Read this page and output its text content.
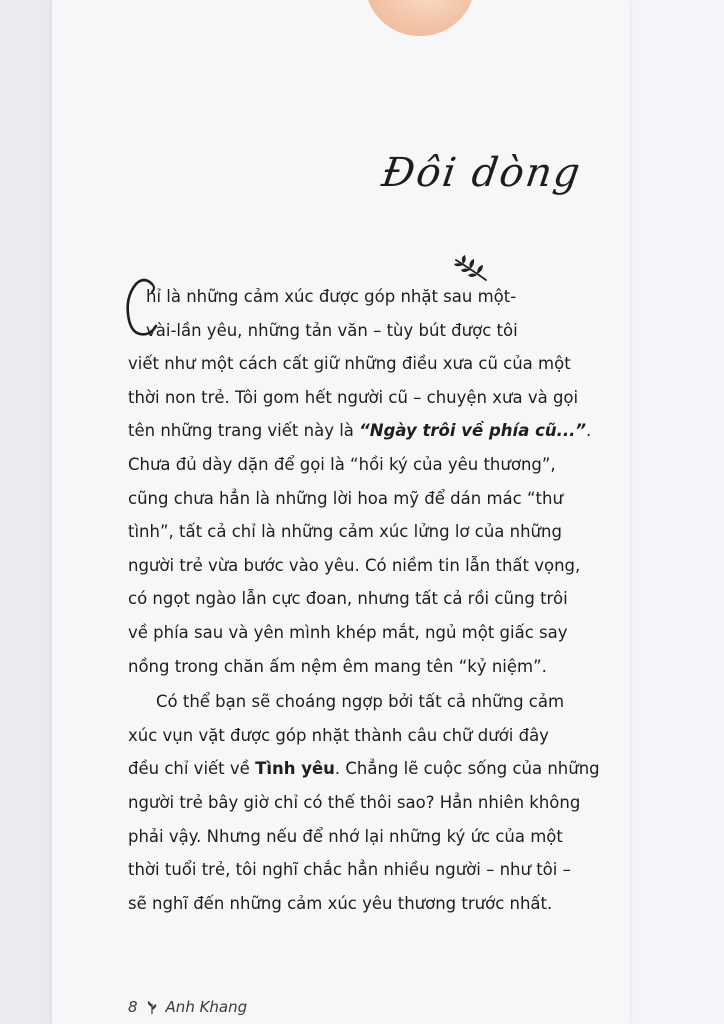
Đôi dòng
hỉ là những cảm xúc được góp nhặt sau một-
vài-lần yêu, những tản văn – tùy bút được tôi
viết như một cách cất giữ những điều xưa cũ của một
thời non trẻ. Tôi gom hết người cũ – chuyện xưa và gọi
tên những trang viết này là “Ngày trôi về phía cũ...”.
Chưa đủ dày dặn để gọi là “hồi ký của yêu thương”,
cũng chưa hẳn là những lời hoa mỹ để dán mác “thư
tình”, tất cả chỉ là những cảm xúc lửng lơ của những
người trẻ vừa bước vào yêu. Có niềm tin lẫn thất vọng,
có ngọt ngào lẫn cực đoan, nhưng tất cả rồi cũng trôi
về phía sau và yên mình khép mắt, ngủ một giấc say
nồng trong chăn ấm nệm êm mang tên “kỷ niệm”.
Có thể bạn sẽ choáng ngợp bởi tất cả những cảm
xúc vụn vặt được góp nhặt thành câu chữ dưới đây
đều chỉ viết về Tình yêu. Chẳng lẽ cuộc sống của những
người trẻ bây giờ chỉ có thế thôi sao? Hẳn nhiên không
phải vậy. Nhưng nếu để nhớ lại những ký ức của một
thời tuổi trẻ, tôi nghĩ chắc hẳn nhiều người – như tôi –
sẽ nghĩ đến những cảm xúc yêu thương trước nhất.
8 Anh Khang
